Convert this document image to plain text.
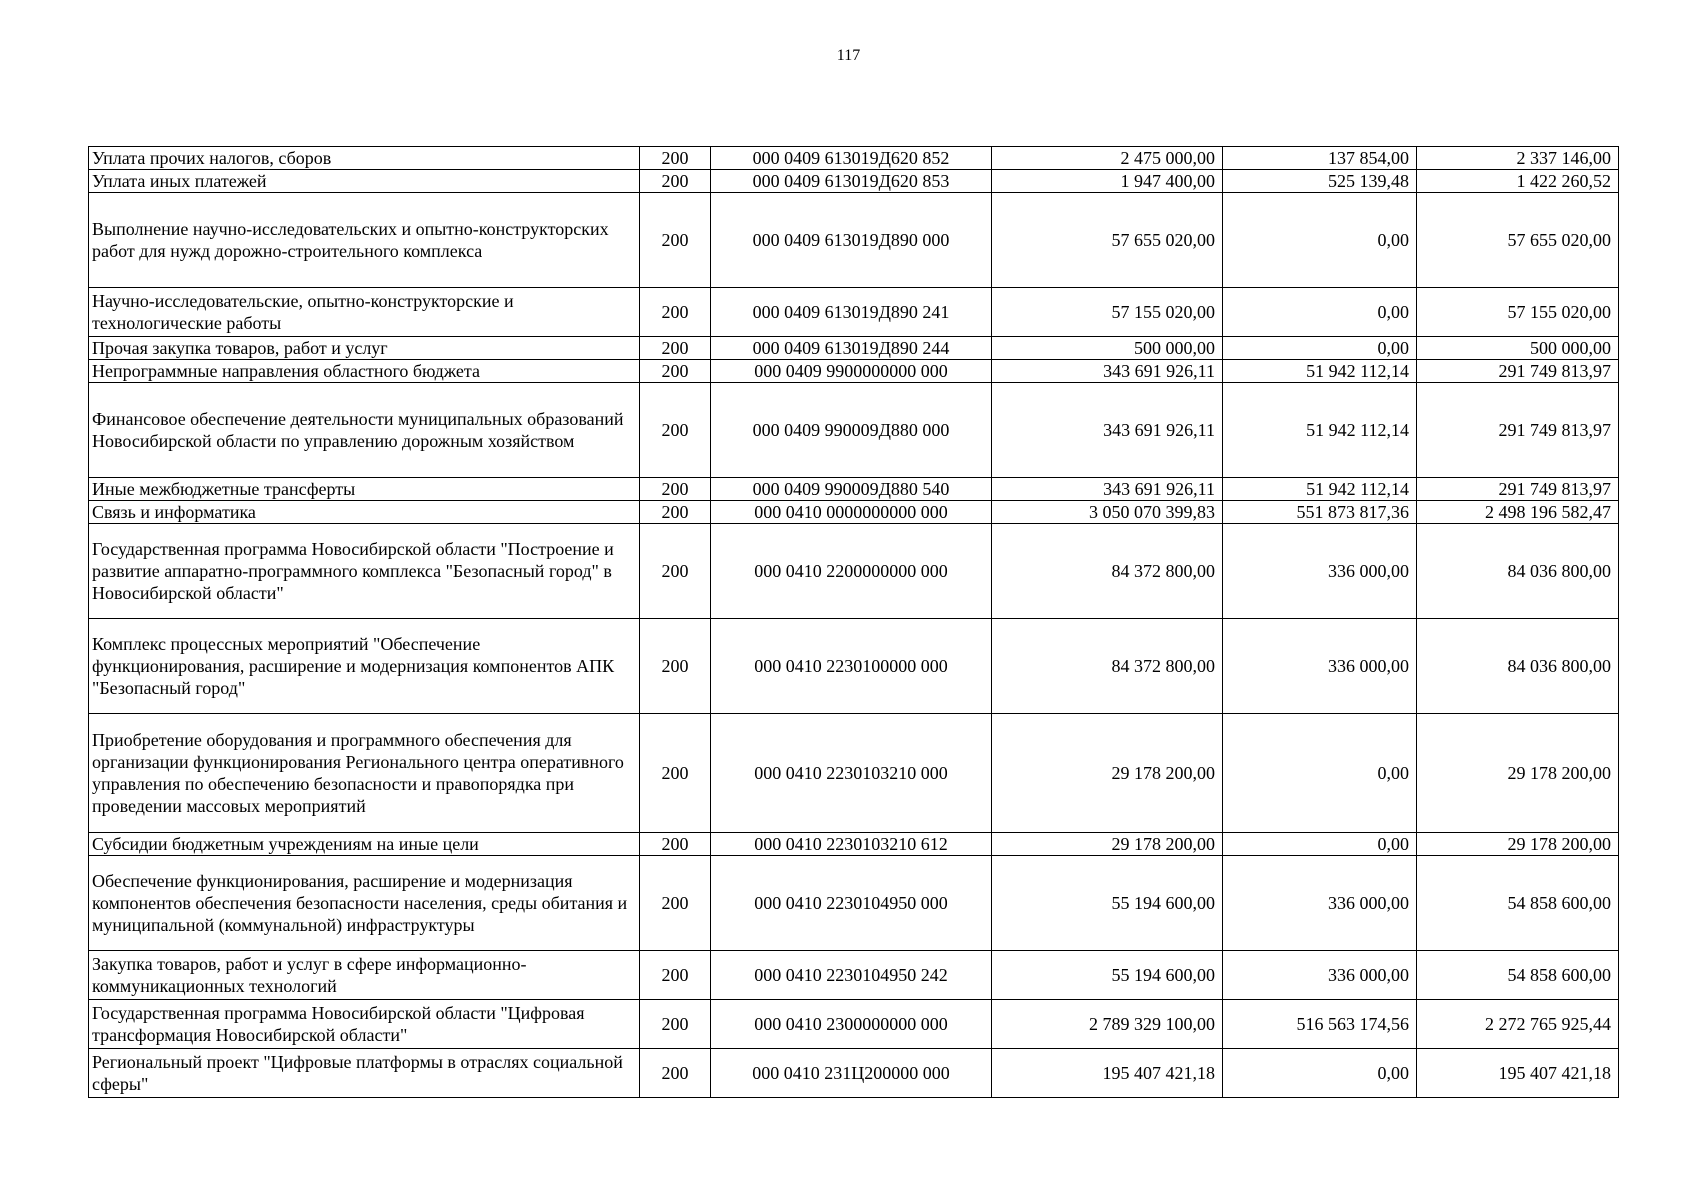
117
Уплата прочих налогов, сборов	200	000 0409 613019Д620 852	2 475 000,00	137 854,00	2 337 146,00
Уплата иных платежей	200	000 0409 613019Д620 853	1 947 400,00	525 139,48	1 422 260,52
Выполнение научно-исследовательских и опытно-конструкторских работ для нужд дорожно-строительного комплекса	200	000 0409 613019Д890 000	57 655 020,00	0,00	57 655 020,00
Научно-исследовательские, опытно-конструкторские и технологические работы	200	000 0409 613019Д890 241	57 155 020,00	0,00	57 155 020,00
Прочая закупка товаров, работ и услуг	200	000 0409 613019Д890 244	500 000,00	0,00	500 000,00
Непрограммные направления областного бюджета	200	000 0409 9900000000 000	343 691 926,11	51 942 112,14	291 749 813,97
Финансовое обеспечение деятельности муниципальных образований Новосибирской области по управлению дорожным хозяйством	200	000 0409 990009Д880 000	343 691 926,11	51 942 112,14	291 749 813,97
Иные межбюджетные трансферты	200	000 0409 990009Д880 540	343 691 926,11	51 942 112,14	291 749 813,97
Связь и информатика	200	000 0410 0000000000 000	3 050 070 399,83	551 873 817,36	2 498 196 582,47
Государственная программа Новосибирской области "Построение и развитие аппаратно-программного комплекса "Безопасный город" в Новосибирской области"	200	000 0410 2200000000 000	84 372 800,00	336 000,00	84 036 800,00
Комплекс процессных мероприятий "Обеспечение функционирования, расширение и модернизация компонентов АПК "Безопасный город"	200	000 0410 2230100000 000	84 372 800,00	336 000,00	84 036 800,00
Приобретение оборудования и программного обеспечения для организации функционирования Регионального центра оперативного управления по обеспечению безопасности и правопорядка при проведении массовых мероприятий	200	000 0410 2230103210 000	29 178 200,00	0,00	29 178 200,00
Субсидии бюджетным учреждениям на иные цели	200	000 0410 2230103210 612	29 178 200,00	0,00	29 178 200,00
Обеспечение функционирования, расширение и модернизация компонентов обеспечения безопасности населения, среды обитания и муниципальной (коммунальной) инфраструктуры	200	000 0410 2230104950 000	55 194 600,00	336 000,00	54 858 600,00
Закупка товаров, работ и услуг в сфере информационно-коммуникационных технологий	200	000 0410 2230104950 242	55 194 600,00	336 000,00	54 858 600,00
Государственная программа Новосибирской области "Цифровая трансформация Новосибирской области"	200	000 0410 2300000000 000	2 789 329 100,00	516 563 174,56	2 272 765 925,44
Региональный проект "Цифровые платформы в отраслях социальной сферы"	200	000 0410 231Ц200000 000	195 407 421,18	0,00	195 407 421,18
